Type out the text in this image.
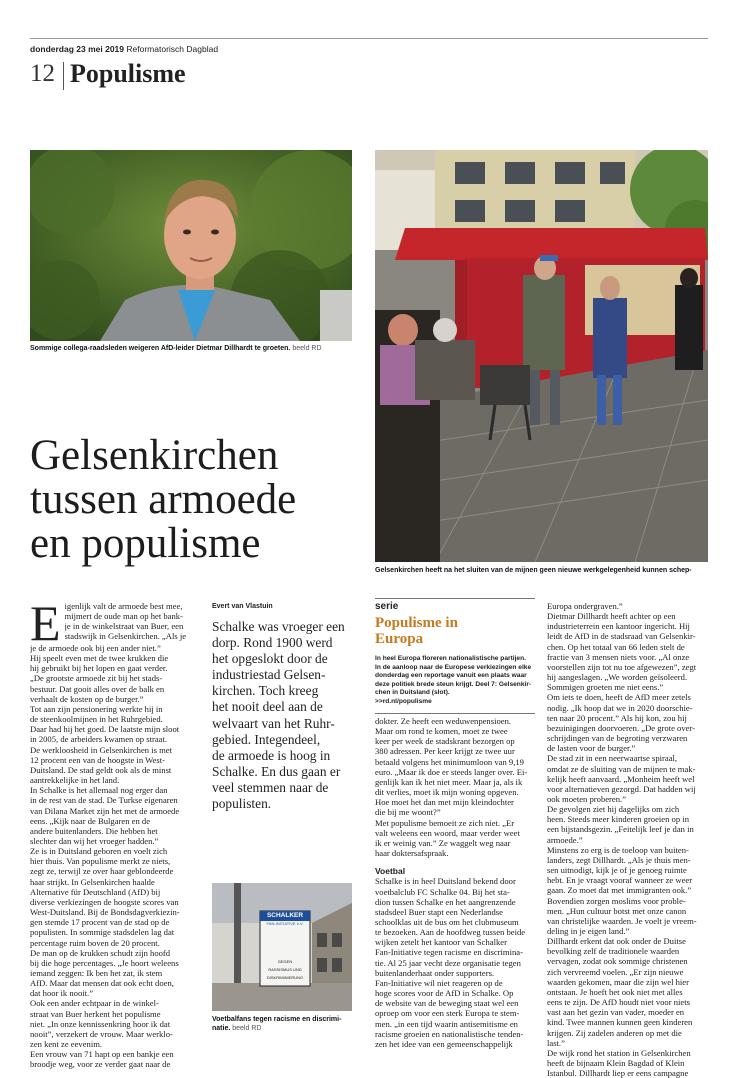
donderdag 23 mei 2019 Reformatorisch Dagblad
12 Populisme
Sommige collega-raadsleden weigeren AfD-leider Dietmar Dillhardt te groeten. beeld RD
Gelsenkirchen heeft na het sluiten van de mijnen geen nieuwe werkgelegenheid kunnen schep-
Gelsenkirchen
tussen armoede
en populisme
E igenlijk valt de armoede best mee,
mijmert de oude man op het bank-
je in de winkelstraat van Buer, een
stadswijk in Gelsenkirchen. „Als je
je de armoede ook bij een ander niet.”
Hij speelt even met de twee krukken die
hij gebruikt bij het lopen en gaat verder.
„De grootste armoede zit bij het stads-
bestuur. Dat gooit alles over de balk en
verhaalt de kosten op de burger.”
Tot aan zijn pensionering werkte hij in
de steenkoolmijnen in het Ruhrgebied.
Daar had hij het goed. De laatste mijn sloot
in 2005, de arbeiders kwamen op straat.
De werkloosheid in Gelsenkirchen is met
12 procent een van de hoogste in West-
Duitsland. De stad geldt ook als de minst
aantrekkelijke in het land.
In Schalke is het allemaal nog erger dan
in de rest van de stad. De Turkse eigenaren
van Dilana Market zijn het met de armoede
eens. „Kijk naar de Bulgaren en de
andere buitenlanders. Die hebben het
slechter dan wij het vroeger hadden.”
Ze is in Duitsland geboren en voelt zich
hier thuis. Van populisme merkt ze niets,
zegt ze, terwijl ze over haar geblondeerde
haar strijkt. In Gelsenkirchen haalde
Alternative für Deutschland (AfD) bij
diverse verkiezingen de hoogste scores van
West-Duitsland. Bij de Bondsdagverkiezin-
gen stemde 17 procent van de stad op de
populisten. In sommige stadsdelen lag dat
percentage ruim boven de 20 procent.
De man op de krukken schudt zijn hoofd
bij die hoge percentages. „Je hoort weleens
iemand zeggen: Ik ben het zat, ik stem
AfD. Maar dat mensen dat ook echt doen,
dat hoor ik nooit.”
Ook een ander echtpaar in de winkel-
straat van Buer herkent het populisme
niet. „In onze kennissenkring hoor ik dat
nooit”, verzekert de vrouw. Maar werklo-
zen kent ze eevenim.
Een vrouw van 71 hapt op een bankje een
broodje weg, voor ze verder gaat naar de
Evert van Vlastuin
Schalke was vroeger een
dorp. Rond 1900 werd
het opgeslokt door de
industriestad Gelsen-
kirchen. Toch kreeg
het nooit deel aan de
welvaart van het Ruhr-
gebied. Integendeel,
de armoede is hoog in
Schalke. En dus gaan er
veel stemmen naar de
populisten.
SCHALKER
FAN-INITIATIVE e.V.
GEGEN
RASSISMUS UND
DISKRIMINIERUNG
Voetbalfans tegen racisme en discrimi-
natie. beeld RD
serie
Populisme in
Europa
In heel Europa floreren nationalistische partijen.
In de aanloop naar de Europese verkiezingen elke
donderdag een reportage vanuit een plaats waar
deze politiek brede steun krijgt. Deel 7: Gelsenkir-
chen in Duitsland (slot).
>>rd.nl/populisme
dokter. Ze heeft een weduwenpensioen.
Maar om rond te komen, moet ze twee
keer per week de stadskrant bezorgen op
380 adressen. Per keer krijgt ze twee uur
betaald volgens het minimumloon van 9,19
euro. „Maar ik doe er steeds langer over. Ei-
genlijk kan ik het niet meer. Maar ja, als ik
dit verlies, moet ik mijn woning opgeven.
Hoe moet het dan met mijn kleindochter
die bij me woont?”
Met populisme bemoeit ze zich niet. „Er
valt weleens een woord, maar verder weet
ik er weinig van.” Ze waggelt weg naar
haar doktersafspraak.
Voetbal
Schalke is in heel Duitsland bekend door
voetbalclub FC Schalke 04. Bij het sta-
dion tussen Schalke en het aangrenzende
stadsdeel Buer stapt een Nederlandse
schoolklas uit de bus om het clubmuseum
te bezoeken. Aan de hoofdweg tussen beide
wijken zetelt het kantoor van Schalker
Fan-Initiative tegen racisme en discrimina-
tie. Al 25 jaar vecht deze organisatie tegen
buitenlanderhaat onder supporters.
Fan-Initiative wil niet reageren op de
hoge scores voor de AfD in Schalke. Op
de website van de beweging staat wel een
oproep om voor een sterk Europa te stem-
men. „in een tijd waarin antisemitisme en
racisme groeien en nationalistische tenden-
zen het idee van een gemeenschappelijk
Europa ondergraven.”
Dietmar Dillhardt heeft achter op een
industrieterrein een kantoor ingericht. Hij
leidt de AfD in de stadsraad van Gelsenkir-
chen. Op het totaal van 66 leden stelt de
fractie van 3 mensen niets voor. „Al onze
voorstellen zijn tot nu toe afgewezen”, zegt
hij aangeslagen. „We worden geïsoleerd.
Sommigen groeten me niet eens.”
Om iets te doen, heeft de AfD meer zetels
nodig. „Ik hoop dat we in 2020 doorschie-
ten naar 20 procent.” Als hij kon, zou hij
bezuinigingen doorvoeren. „De grote over-
schrijdingen van de begroting verzwaren
de lasten voor de burger.”
De stad zit in een neerwaartse spiraal,
omdat ze de sluiting van de mijnen te mak-
kelijk heeft aanvaard. „Monheim heeft wel
voor alternatieven gezorgd. Dat hadden wij
ook moeten proberen.”
De gevolgen ziet hij dagelijks om zich
heen. Steeds meer kinderen groeien op in
een bijstandsgezin. „Feitelijk leef je dan in
armoede.”
Minstens zo erg is de toeloop van buiten-
landers, zegt Dillhardt. „Als je thuis men-
sen uitnodigt, kijk je of je genoeg ruimte
hebt. En je vraagt vooraf wanneer ze weer
gaan. Zo moet dat met immigranten ook.”
Bovendien zorgen moslims voor proble-
men. „Hun cultuur botst met onze canon
van christelijke waarden. Je voelt je vreem-
deling in je eigen land.”
Dillhardt erkent dat ook onder de Duitse
bevolking zelf de traditionele waarden
vervagen, zodat ook sommige christenen
zich vervreemd voelen. „Er zijn nieuwe
waarden gekomen, maar die zijn wel hier
ontstaan. Je hoeft het ook niet met alles
eens te zijn. De AfD houdt niet voor niets
vast aan het gezin van vader, moeder en
kind. Twee mannen kunnen geen kinderen
krijgen. Zij zadelen anderen op met die
last.”
De wijk rond het station in Gelsenkirchen
heeft de bijnaam Klein Bagdad of Klein
Istanbul. Dillhardt liep er eens campagne
